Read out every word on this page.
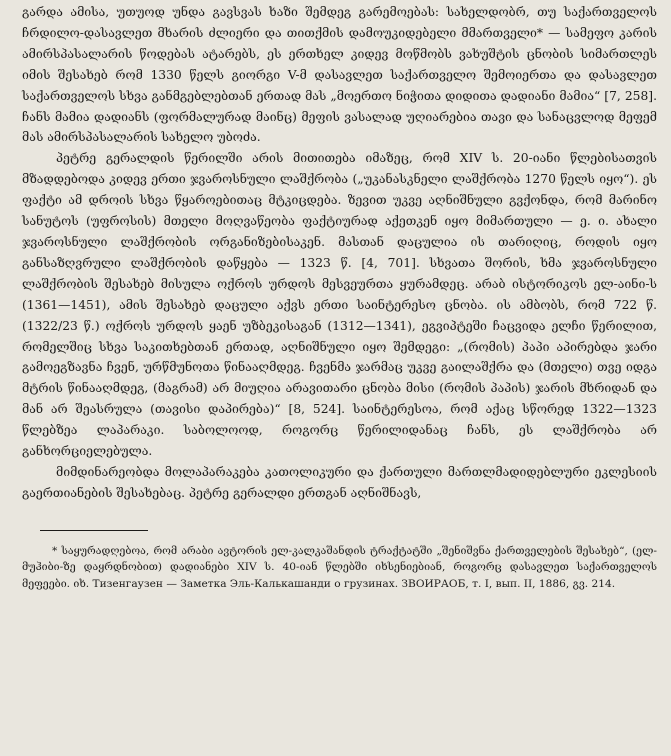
გარდა ამისა, უთუოდ უნდა გავსვას ხაზი შემდეგ გარემოებას: სახელდობრ, თუ საქართველოს ჩრდილო-დასავლეთ მხარის ძლიერი და თითქმის დამოუკიდებელი მმართველი* — სამეფო კარის ამირსპასალარის წოდებას ატარებს, ეს ერთხელ კიდევ მოწმობს ვახუშტის ცნობის სიმართლეს იმის შესახებ რომ 1330 წელს გიორგი V-მ დასავლეთ საქართველო შემოიერთა და დასავლეთ საქართველოს სხვა განმგებლებთან ერთად მას „მოერთო ნიჭითა დიდითა დადიანი მამია“ [7, 258]. ჩანს მამია დადიანს (ფორმალურად მაინც) მეფის ვასალად უღიარებია თავი და სანაცვლოდ მეფემ მას ამირსპასალარის სახელო უბოძა.

პეტრე გერალდის წერილში არის მითითება იმაზეც, რომ XIV ს. 20-იანი წლებისათვის მზადდებოდა კიდევ ერთი ჯვაროსნული ლაშქრობა („უკანასკნელი ლაშქრობა 1270 წელს იყო“). ეს ფაქტი ამ დროის სხვა წყაროებითაც მტკიცდება. ზევით უკვე აღნიშნული გვქონდა, რომ მარინო სანუტოს (უფროსის) მთელი მოღვაწეობა ფაქტიურად აქეთკენ იყო მიმართული — ე. ი. ახალი ჯვაროსნული ლაშქრობის ორგანიზებისაკენ. მასთან დაცულია ის თარიღიც, როდის იყო განსაზღვრული ლაშქრობის დაწყება — 1323 წ. [4, 701]. სხვათა შორის, ხმა ჯვაროსნული ლაშქრობის შესახებ მისულა ოქროს ურდოს მესვეურთა ყურამდეც. არაბ ისტორიკოს ელ-აინი-ს (1361—1451), ამის შესახებ დაცული აქვს ერთი საინტერესო ცნობა. ის ამბობს, რომ 722 წ. (1322/23 წ.) ოქროს ურდოს ყაენ უზბეკისაგან (1312—1341), ეგვიპტეში ჩაცვიდა ელჩი წერილით, რომელშიც სხვა საკითხებთან ერთად, აღნიშნული იყო შემდეგი: „(რომის) პაპი აპირებდა ჯარი გამოეგზავნა ჩვენ, ურწმუნოთა წინააღმდეგ. ჩვენმა ჯარმაც უკვე გაილაშქრა და (მთელი) თვე იდგა მტრის წინააღმდეგ, (მაგრამ) არ მიუღია არავითარი ცნობა მისი (რომის პაპის) ჯარის მხრიდან და მან არ შეასრულა (თავისი დაპირება)“ [8, 524]. საინტერესოა, რომ აქაც სწორედ 1322—1323 წლებზეა ლაპარაკი. საბოლოოდ, როგორც წერილიდანაც ჩანს, ეს ლაშქრობა არ განხორციელებულა.

მიმდინარეობდა მოლაპარაკება კათოლიკური და ქართული მართლმადიდებლური ეკლესიის გაერთიანების შესახებაც. პეტრე გერალდი ერთგან აღნიშნავს,

* საყურადღებოა, რომ არაბი ავტორის ელ-კალკაშანდის ტრაქტატში „შენიშვნა ქართველების შესახებ“, (ელ-მუჰიბი-ზე დაყრდნობით) დადიანები XIV ს. 40-იან წლებში იხსენიებიან, როგორც დასავლეთ საქართველოს მეფეები. იხ. Тизенгаузен — Заметка Эль-Калькашанди о грузинах. ЗВОИРАОБ, т. I, вып. II, 1886, გვ. 214.
